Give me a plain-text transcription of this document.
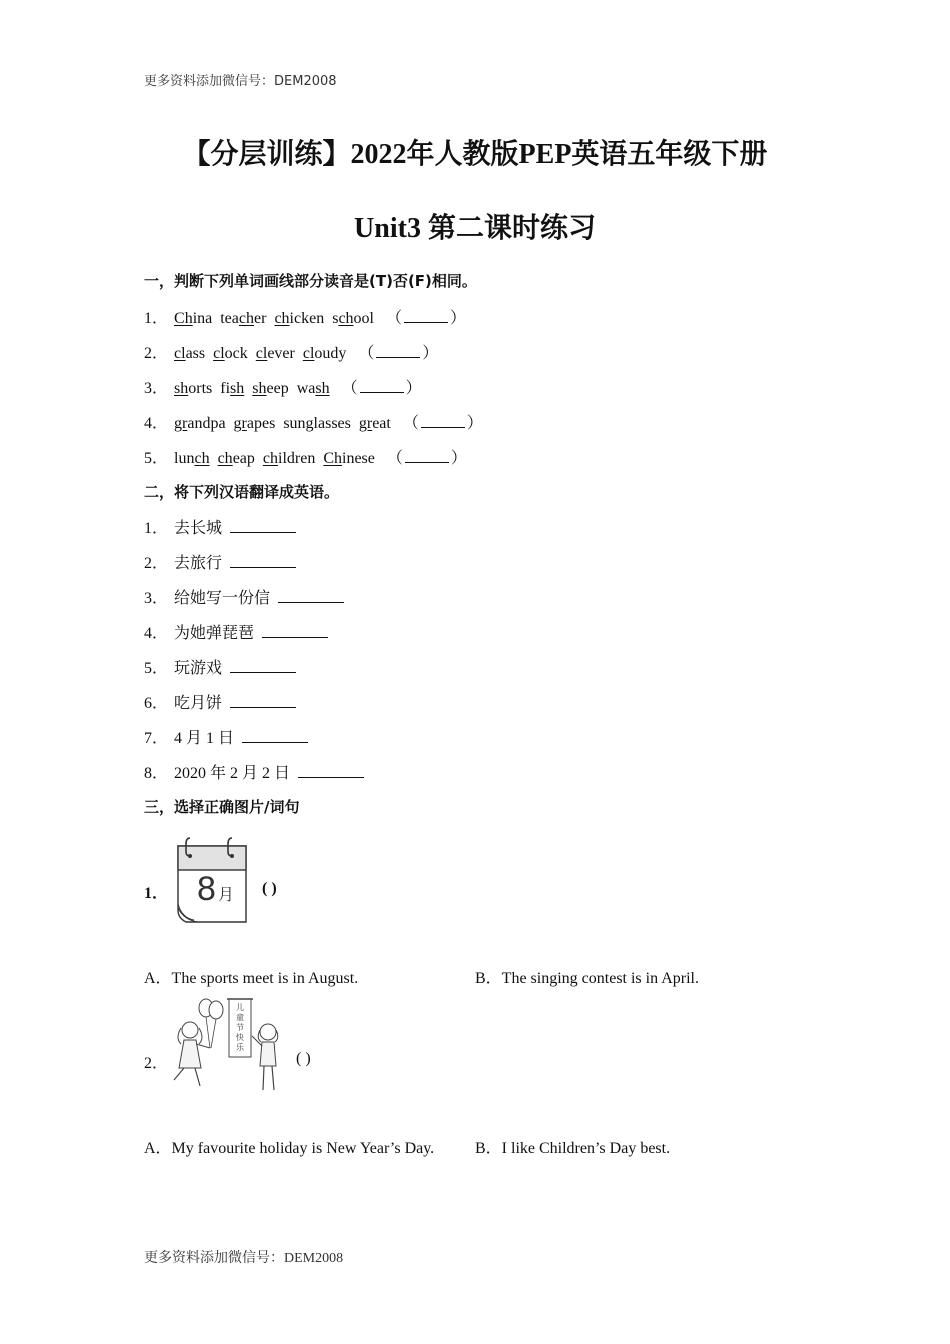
更多资料添加微信号：DEM2008
【分层训练】2022年人教版PEP英语五年级下册
Unit3 第二课时练习
一，判断下列单词画线部分读音是(T)否(F)相同。
1． China teacher chicken school （	）
2． class clock clever cloudy （	）
3． shorts fish sheep wash （	）
4． grandpa grapes sunglasses great （	）
5． lunch cheap children Chinese （	）
二，将下列汉语翻译成英语。
1． 去长城
2． 去旅行
3． 给她写一份信
4． 为她弹琵琶
5． 玩游戏
6． 吃月饼
7． 4 月 1 日
8． 2020 年 2 月 2 日
三，选择正确图片/词句
1． 8 月 ( )
A．The sports meet is in August.	B．The singing contest is in April.
2．
儿
童
节
快
乐
( )
A．My favourite holiday is New Year’s Day.	B．I like Children’s Day best.
更多资料添加微信号：DEM2008
